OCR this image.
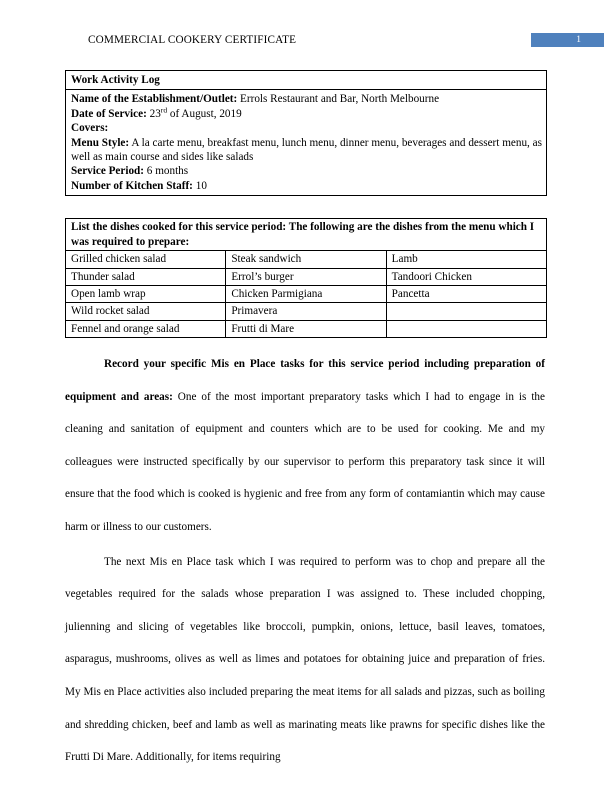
COMMERCIAL COOKERY CERTIFICATE	1
Work Activity Log

Name of the Establishment/Outlet: Errols Restaurant and Bar, North Melbourne
Date of Service: 23rd of August, 2019
Covers:
Menu Style: A la carte menu, breakfast menu, lunch menu, dinner menu, beverages and dessert menu, as well as main course and sides like salads
Service Period: 6 months
Number of Kitchen Staff: 10
List the dishes cooked for this service period: The following are the dishes from the menu which I was required to prepare:		
Grilled chicken salad	Steak sandwich	Lamb
Thunder salad	Errol’s burger	Tandoori Chicken
Open lamb wrap	Chicken Parmigiana	Pancetta
Wild rocket salad	Primavera	
Fennel and orange salad	Frutti di Mare	

Record your specific Mis en Place tasks for this service period including preparation of equipment and areas: One of the most important preparatory tasks which I had to engage in is the cleaning and sanitation of equipment and counters which are to be used for cooking. Me and my colleagues were instructed specifically by our supervisor to perform this preparatory task since it will ensure that the food which is cooked is hygienic and free from any form of contamiantin which may cause harm or illness to our customers.

The next Mis en Place task which I was required to perform was to chop and prepare all the vegetables required for the salads whose preparation I was assigned to. These included chopping, julienning and slicing of vegetables like broccoli, pumpkin, onions, lettuce, basil leaves, tomatoes, asparagus, mushrooms, olives as well as limes and potatoes for obtaining juice and preparation of fries. My Mis en Place activities also included preparing the meat items for all salads and pizzas, such as boiling and shredding chicken, beef and lamb as well as marinating meats like prawns for specific dishes like the Frutti Di Mare. Additionally, for items requiring
